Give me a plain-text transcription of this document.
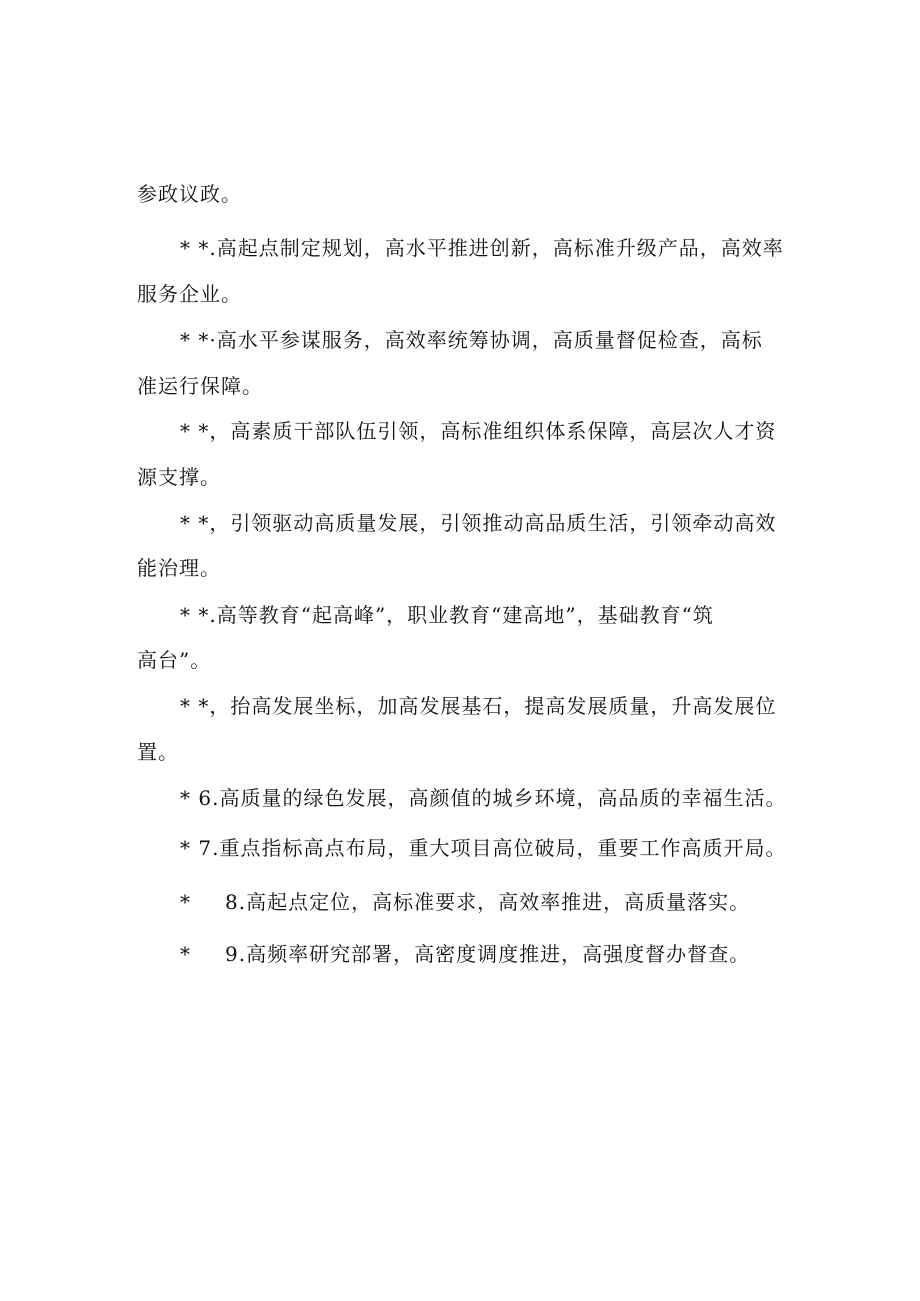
参政议政。
* *.高起点制定规划，高水平推进创新，高标准升级产品，高效率
服务企业。
* *·高水平参谋服务，高效率统筹协调，高质量督促检查，高标
准运行保障。
* *，高素质干部队伍引领，高标准组织体系保障，高层次人才资
源支撑。
* *，引领驱动高质量发展，引领推动高品质生活，引领牵动高效
能治理。
* *.高等教育“起高峰”，职业教育“建高地”，基础教育“筑
高台”。
* *，抬高发展坐标，加高发展基石，提高发展质量，升高发展位
置。
* 6.高质量的绿色发展，高颜值的城乡环境，高品质的幸福生活。
* 7.重点指标高点布局，重大项目高位破局，重要工作高质开局。
* 8.高起点定位，高标准要求，高效率推进，高质量落实。
* 9.高频率研究部署，高密度调度推进，高强度督办督查。
